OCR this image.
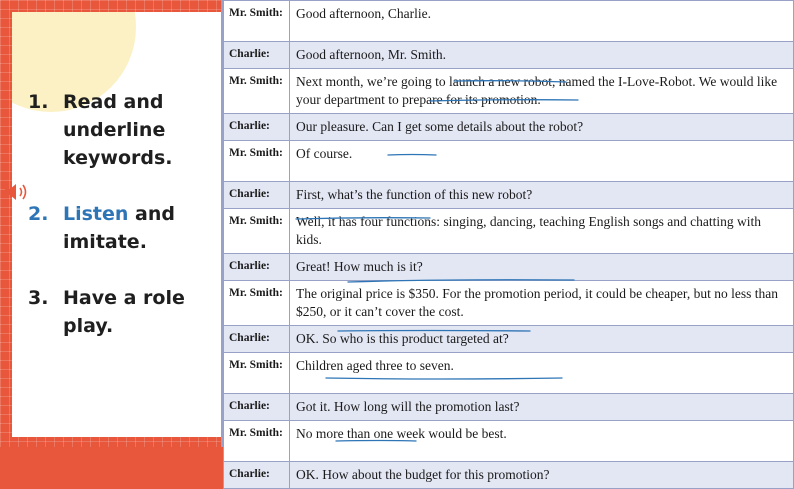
1. Read and underline keywords.
2. Listen and imitate.
3. Have a role play.
Mr. Smith:	Good afternoon, Charlie.
Charlie:	Good afternoon, Mr. Smith.
Mr. Smith:	Next month, we’re going to launch a new robot, named the I-Love-Robot. We would like your department to prepare for its promotion.
Charlie:	Our pleasure. Can I get some details about the robot?
Mr. Smith:	Of course.
Charlie:	First, what’s the function of this new robot?
Mr. Smith:	Well, it has four functions: singing, dancing, teaching English songs and chatting with kids.
Charlie:	Great! How much is it?
Mr. Smith:	The original price is $350. For the promotion period, it could be cheaper, but no less than $250, or it can’t cover the cost.
Charlie:	OK. So who is this product targeted at?
Mr. Smith:	Children aged three to seven.
Charlie:	Got it. How long will the promotion last?
Mr. Smith:	No more than one week would be best.
Charlie:	OK. How about the budget for this promotion?
